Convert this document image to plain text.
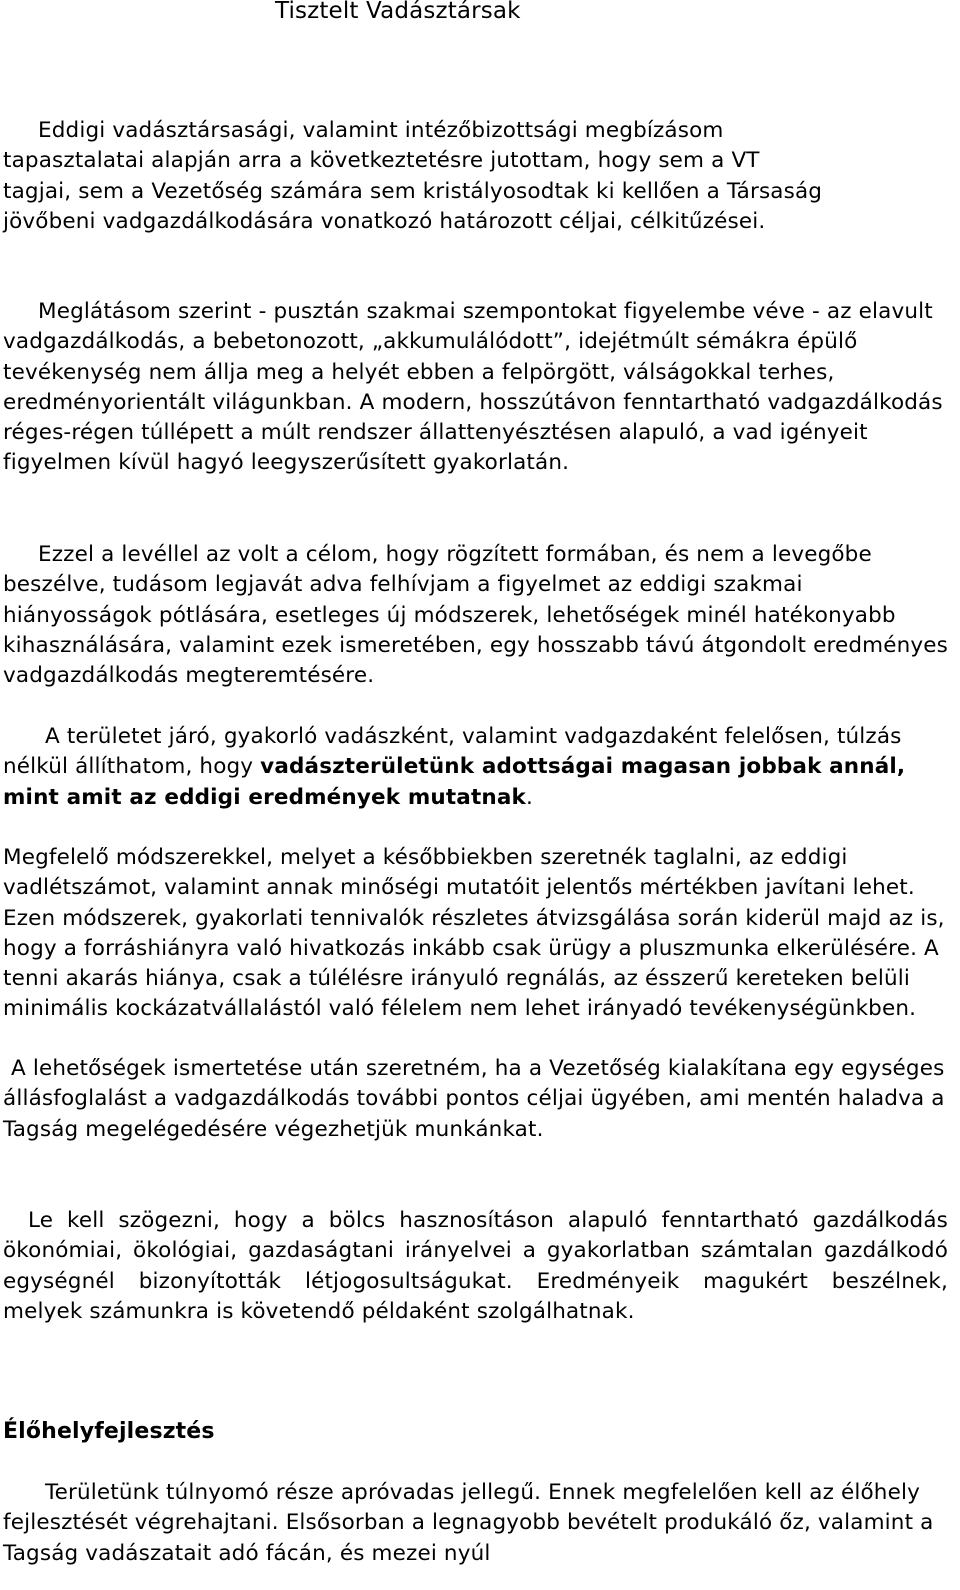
Tisztelt Vadásztársak

Eddigi vadásztársasági, valamint intézőbizottsági megbízásom tapasztalatai alapján arra a következtetésre jutottam, hogy sem a VT tagjai, sem a Vezetőség számára sem kristályosodtak ki kellően a Társaság jövőbeni vadgazdálkodására vonatkozó határozott céljai, célkitűzései.

Meglátásom szerint - pusztán szakmai szempontokat figyelembe véve - az elavult vadgazdálkodás, a bebetonozott, „akkumulálódott”, idejétmúlt sémákra épülő tevékenység nem állja meg a helyét ebben a felpörgött, válságokkal terhes, eredményorientált világunkban. A modern, hosszútávon fenntartható vadgazdálkodás réges-régen túllépett a múlt rendszer állattenyésztésen alapuló, a vad igényeit figyelmen kívül hagyó leegyszerűsített gyakorlatán.

Ezzel a levéllel az volt a célom, hogy rögzített formában, és nem a levegőbe beszélve, tudásom legjavát adva felhívjam a figyelmet az eddigi szakmai hiányosságok pótlására, esetleges új módszerek, lehetőségek minél hatékonyabb kihasználására, valamint ezek ismeretében, egy hosszabb távú átgondolt eredményes vadgazdálkodás megteremtésére.

A területet járó, gyakorló vadászként, valamint vadgazdaként felelősen, túlzás nélkül állíthatom, hogy vadászterületünk adottságai magasan jobbak annál, mint amit az eddigi eredmények mutatnak.

Megfelelő módszerekkel, melyet a későbbiekben szeretnék taglalni, az eddigi vadlétszámot, valamint annak minőségi mutatóit jelentős mértékben javítani lehet. Ezen módszerek, gyakorlati tennivalók részletes átvizsgálása során kiderül majd az is, hogy a forráshiányra való hivatkozás inkább csak ürügy a pluszmunka elkerülésére. A tenni akarás hiánya, csak a túlélésre irányuló regnálás, az ésszerű kereteken belüli minimális kockázatvállalástól való félelem nem lehet irányadó tevékenységünkben.

A lehetőségek ismertetése után szeretném, ha a Vezetőség kialakítana egy egységes állásfoglalást a vadgazdálkodás további pontos céljai ügyében, ami mentén haladva a Tagság megelégedésére végezhetjük munkánkat.

Le kell szögezni, hogy a bölcs hasznosításon alapuló fenntartható gazdálkodás ökonómiai, ökológiai, gazdaságtani irányelvei a gyakorlatban számtalan gazdálkodó egységnél bizonyították létjogosultságukat. Eredményeik magukért beszélnek, melyek számunkra is követendő példaként szolgálhatnak.

Élőhelyfejlesztés

Területünk túlnyomó része apróvadas jellegű. Ennek megfelelően kell az élőhely fejlesztését végrehajtani. Elsősorban a legnagyobb bevételt produkáló őz, valamint a Tagság vadászatait adó fácán, és mezei nyúl
